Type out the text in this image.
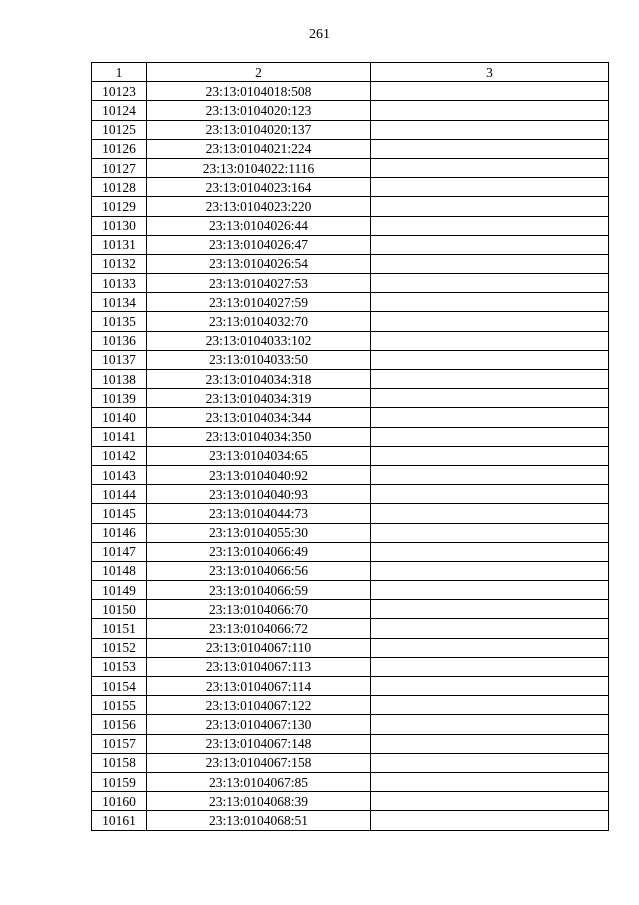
261
1	2	3
10123	23:13:0104018:508	
10124	23:13:0104020:123	
10125	23:13:0104020:137	
10126	23:13:0104021:224	
10127	23:13:0104022:1116	
10128	23:13:0104023:164	
10129	23:13:0104023:220	
10130	23:13:0104026:44	
10131	23:13:0104026:47	
10132	23:13:0104026:54	
10133	23:13:0104027:53	
10134	23:13:0104027:59	
10135	23:13:0104032:70	
10136	23:13:0104033:102	
10137	23:13:0104033:50	
10138	23:13:0104034:318	
10139	23:13:0104034:319	
10140	23:13:0104034:344	
10141	23:13:0104034:350	
10142	23:13:0104034:65	
10143	23:13:0104040:92	
10144	23:13:0104040:93	
10145	23:13:0104044:73	
10146	23:13:0104055:30	
10147	23:13:0104066:49	
10148	23:13:0104066:56	
10149	23:13:0104066:59	
10150	23:13:0104066:70	
10151	23:13:0104066:72	
10152	23:13:0104067:110	
10153	23:13:0104067:113	
10154	23:13:0104067:114	
10155	23:13:0104067:122	
10156	23:13:0104067:130	
10157	23:13:0104067:148	
10158	23:13:0104067:158	
10159	23:13:0104067:85	
10160	23:13:0104068:39	
10161	23:13:0104068:51	
